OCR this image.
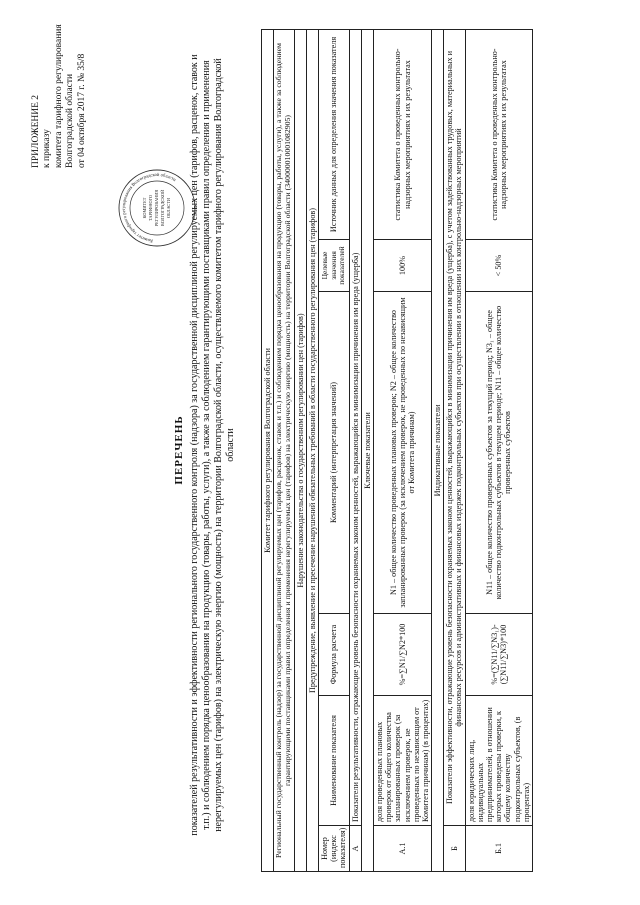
ПРИЛОЖЕНИЕ 2 к приказу комитета тарифного регулирования Волгоградской области от 04 октября 2017 г. № 35/8
КОМИТЕТ ТАРИФНОГО РЕГУЛИРОВАНИЯ ВОЛГОГРАДСКОЙ ОБЛАСТИ
Комитет тарифного регулирования Волгоградской области
ПЕРЕЧЕНЬ показателей результативности и эффективности регионального государственного контроля (надзора) за государственной дисциплиной регулируемых цен (тарифов, расценок, ставок и т.п.) и соблюдением порядка ценообразования на продукцию (товары, работы, услуги), а также за соблюдением гарантирующими поставщиками правил определения и применения нерегулируемых цен (тарифов) на электрическую энергию (мощность) на территории Волгоградской области, осуществляемого комитетом тарифного регулирования Волгоградской области	Комитет тарифного регулирования Волгоградской области					
Региональный государственный контроль (надзор) за государственной дисциплиной регулируемых цен (тарифов, расценок, ставок и т.п.) и соблюдением порядка ценообразования на продукцию (товары, работы, услуги), а также за соблюдением гарантирующими поставщиками правил определения и применения нерегулируемых цен (тарифов) на электрическую энергию (мощность) на территории Волгоградской области (340000010001082905)					
Нарушение законодательства о государственном регулировании цен (тарифов)					
Предупреждение, выявление и пресечение нарушений обязательных требований в области государственного регулирования цен (тарифов)					
Номер (индекс показателя)	Наименование показателя	Формула расчета	Комментарий (интерпретация значений)	Целевые значения показателей	Источник данных для определения значения показателя
А	Показатели результативности, отражающие уровень безопасности охраняемых законом ценностей, выражающийся в минимизации причинения им вреда (ущерба)				
Ключевые показатели					
А.1	доля проведенных плановых проверок от общего количества запланированных проверок (за исключением проверок, не проведенных по независящим от Комитета причинам) (в процентах)	%=∑N1/∑N2*100	N1 – общее количество проведенных плановых проверок; N2 – общее количество запланированных проверок (за исключением проверок, не проведенных по независящим от Комитета причинам)	100%	статистика Комитета о проведенных контрольно-надзорных мероприятиях и их результатах
Индикативные показатели					
Б	Показатели эффективности, отражающие уровень безопасности охраняемых законом ценностей, выражающийся в минимизации причинения им вреда (ущерба), с учетом задействованных трудовых, материальных и финансовых ресурсов и административных и финансовых издержек подконтрольных субъектов при осуществлении в отношении них контрольно-надзорных мероприятий				
Б.1	доля юридических лиц, индивидуальных предпринимателей, в отношении которых проведены проверки, к общему количеству подконтрольных субъектов, (в процентах)	%=(∑N11/∑N3₁)-(∑N11/∑N3)*100	N11 – общее количество проверенных субъектов за текущий период; N3₁ – общее количество подконтрольных субъектов в текущем периоде; N11 – общее количество проверенных субъектов	< 50%	статистика Комитета о проведенных контрольно-надзорных мероприятиях и их результатах
